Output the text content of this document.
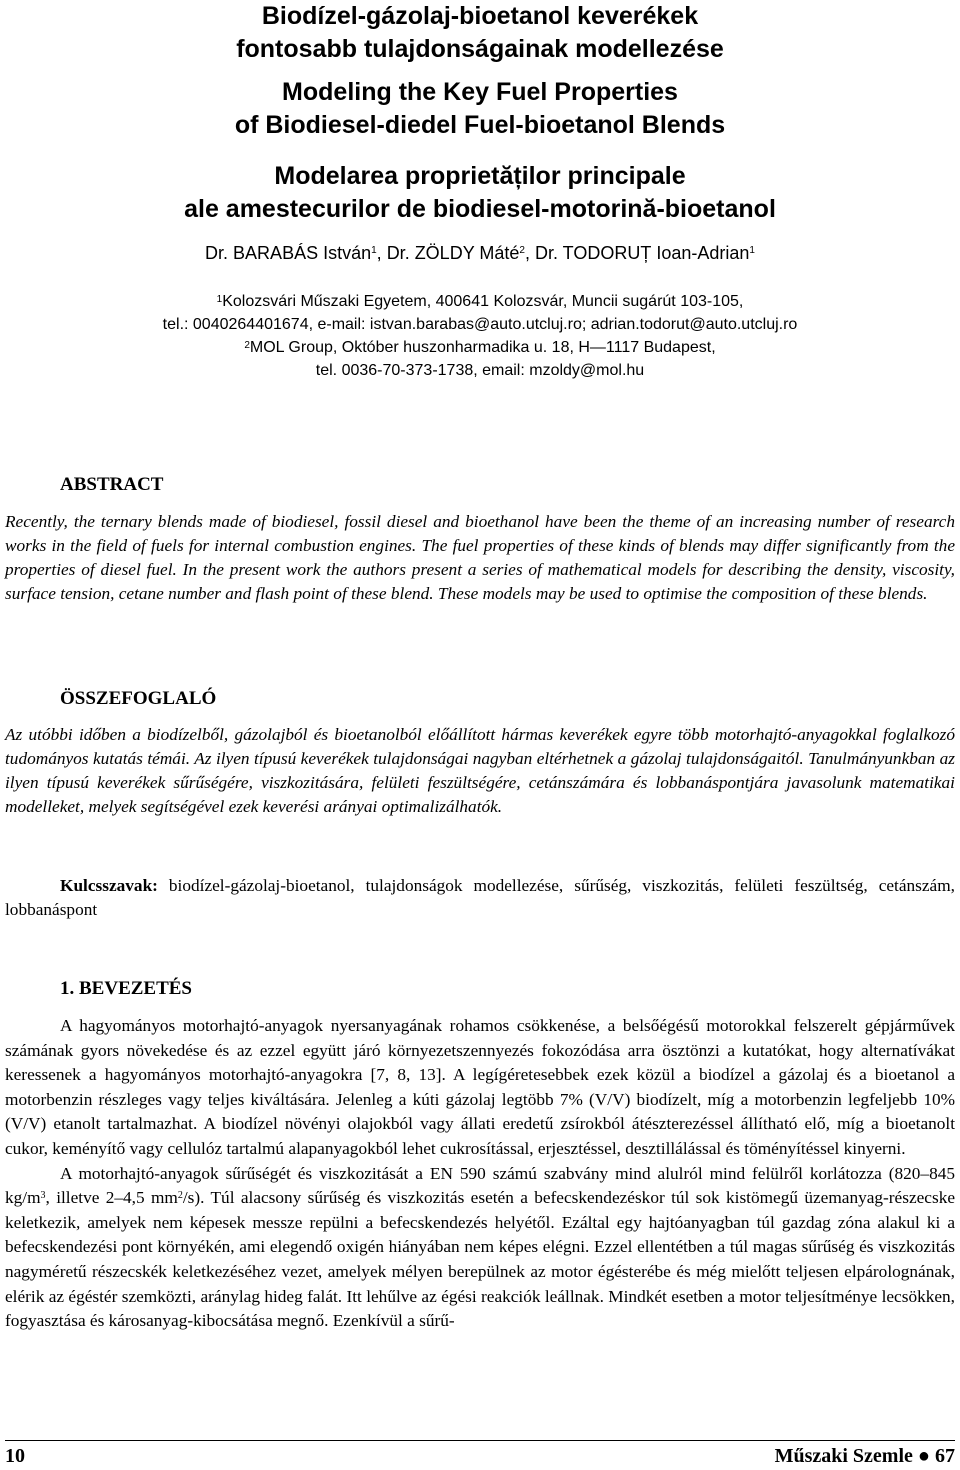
Biodízel-gázolaj-bioetanol keverékek
fontosabb tulajdonságainak modellezése
Modeling the Key Fuel Properties
of Biodiesel-diedel Fuel-bioetanol Blends
Modelarea proprietăților principale
ale amestecurilor de biodiesel-motorină-bioetanol
Dr. BARABÁS István$^1$, Dr. ZÖLDY Máté$^2$, Dr. TODORUȚ Ioan-Adrian$^1$
$^1$Kolozsvári Műszaki Egyetem, 400641 Kolozsvár, Muncii sugárút 103-105,
tel.: 0040264401674, e-mail: istvan.barabas@auto.utcluj.ro; adrian.todorut@auto.utcluj.ro
$^2$MOL Group, Október huszonharmadika u. 18, H—1117 Budapest,
tel. 0036-70-373-1738, email: mzoldy@mol.hu
ABSTRACT
Recently, the ternary blends made of biodiesel, fossil diesel and bioethanol have been the theme of an increasing number of research works in the field of fuels for internal combustion engines. The fuel properties of these kinds of blends may differ significantly from the properties of diesel fuel. In the present work the authors present a series of mathematical models for describing the density, viscosity, surface tension, cetane number and flash point of these blend. These models may be used to optimise the composition of these blends.
ÖSSZEFOGLALÓ
Az utóbbi időben a biodízelből, gázolajból és bioetanolból előállított hármas keverékek egyre több motorhajtó-anyagokkal foglalkozó tudományos kutatás témái. Az ilyen típusú keverékek tulajdonságai nagyban eltérhetnek a gázolaj tulajdonságaitól. Tanulmányunkban az ilyen típusú keverékek sűrűségére, viszkozitására, felületi feszültségére, cetánszámára és lobbanáspontjára javasolunk matematikai modelleket, melyek segítségével ezek keverési arányai optimalizálhatók.
Kulcsszavak: biodízel-gázolaj-bioetanol, tulajdonságok modellezése, sűrűség, viszkozitás, felületi feszültség, cetánszám, lobbanáspont
1. BEVEZETÉS

A hagyományos motorhajtó-anyagok nyersanyagának rohamos csökkenése, a belsőégésű motorokkal felszerelt gépjárművek számának gyors növekedése és az ezzel együtt járó környezetszennyezés fokozódása arra ösztönzi a kutatókat, hogy alternatívákat keressenek a hagyományos motorhajtó-anyagokra [7, 8, 13]. A legígéretesebbek ezek közül a biodízel a gázolaj és a bioetanol a motorbenzin részleges vagy teljes kiváltására. Jelenleg a kúti gázolaj legtöbb 7% (V/V) biodízelt, míg a motorbenzin legfeljebb 10% (V/V) etanolt tartalmazhat. A biodízel növényi olajokból vagy állati eredetű zsírokból átészterezéssel állítható elő, míg a bioetanolt cukor, keményítő vagy cellulóz tartalmú alapanyagokból lehet cukrosítással, erjesztéssel, desztillálással és töményítéssel kinyerni.

A motorhajtó-anyagok sűrűségét és viszkozitását a EN 590 számú szabvány mind alulról mind felülről korlátozza (820–845 $kg/m^3$, illetve 2–4,5 $mm^2/s$). Túl alacsony sűrűség és viszkozitás esetén a befecskendezéskor túl sok kistömegű üzemanyag-részecske keletkezik, amelyek nem képesek messze repülni a befecskendezés helyétől. Ezáltal egy hajtóanyagban túl gazdag zóna alakul ki a befecskendezési pont környékén, ami elegendő oxigén hiányában nem képes elégni. Ezzel ellentétben a túl magas sűrűség és viszkozitás nagyméretű részecskék keletkezéséhez vezet, amelyek mélyen berepülnek az motor égésterébe és még mielőtt teljesen elpárolognának, elérik az égéstér szemközti, aránylag hideg falát. Itt lehűlve az égési reakciók leállnak. Mindkét esetben a motor teljesítménye lecsökken, fogyasztása és károsanyag-kibocsátása megnő. Ezenkívül a sűrű-

10	Műszaki Szemle ● 67
